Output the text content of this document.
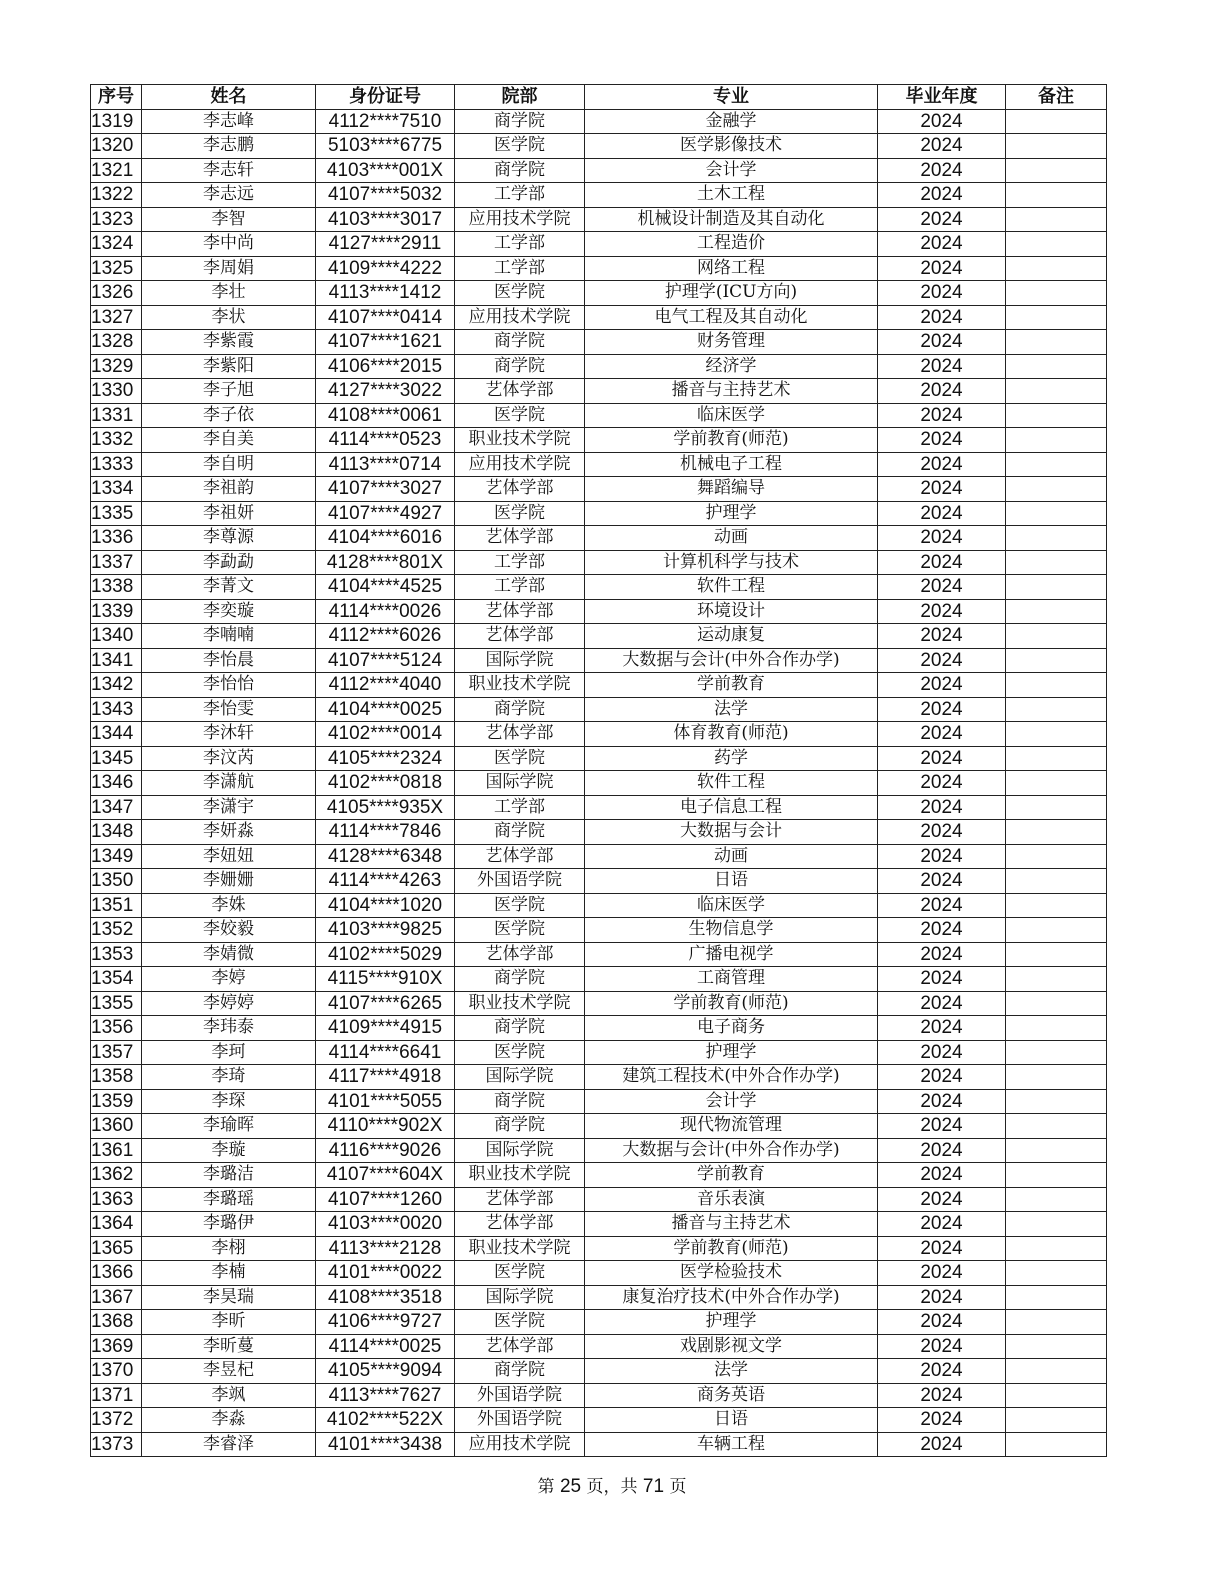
序号	姓名	身份证号	院部	专业	毕业年度	备注
1319	李志峰	4112****7510	商学院	金融学	2024	
1320	李志鹏	5103****6775	医学院	医学影像技术	2024	
1321	李志轩	4103****001X	商学院	会计学	2024	
1322	李志远	4107****5032	工学部	土木工程	2024	
1323	李智	4103****3017	应用技术学院	机械设计制造及其自动化	2024	
1324	李中尚	4127****2911	工学部	工程造价	2024	
1325	李周娟	4109****4222	工学部	网络工程	2024	
1326	李壮	4113****1412	医学院	护理学(ICU方向)	2024	
1327	李状	4107****0414	应用技术学院	电气工程及其自动化	2024	
1328	李紫霞	4107****1621	商学院	财务管理	2024	
1329	李紫阳	4106****2015	商学院	经济学	2024	
1330	李子旭	4127****3022	艺体学部	播音与主持艺术	2024	
1331	李子依	4108****0061	医学院	临床医学	2024	
1332	李自美	4114****0523	职业技术学院	学前教育(师范)	2024	
1333	李自明	4113****0714	应用技术学院	机械电子工程	2024	
1334	李祖韵	4107****3027	艺体学部	舞蹈编导	2024	
1335	李祖妍	4107****4927	医学院	护理学	2024	
1336	李尊源	4104****6016	艺体学部	动画	2024	
1337	李勐勐	4128****801X	工学部	计算机科学与技术	2024	
1338	李菁文	4104****4525	工学部	软件工程	2024	
1339	李奕璇	4114****0026	艺体学部	环境设计	2024	
1340	李喃喃	4112****6026	艺体学部	运动康复	2024	
1341	李怡晨	4107****5124	国际学院	大数据与会计(中外合作办学)	2024	
1342	李怡怡	4112****4040	职业技术学院	学前教育	2024	
1343	李怡雯	4104****0025	商学院	法学	2024	
1344	李沐轩	4102****0014	艺体学部	体育教育(师范)	2024	
1345	李汶芮	4105****2324	医学院	药学	2024	
1346	李潇航	4102****0818	国际学院	软件工程	2024	
1347	李潇宇	4105****935X	工学部	电子信息工程	2024	
1348	李妍淼	4114****7846	商学院	大数据与会计	2024	
1349	李妞妞	4128****6348	艺体学部	动画	2024	
1350	李姗姗	4114****4263	外国语学院	日语	2024	
1351	李姝	4104****1020	医学院	临床医学	2024	
1352	李姣毅	4103****9825	医学院	生物信息学	2024	
1353	李婧微	4102****5029	艺体学部	广播电视学	2024	
1354	李婷	4115****910X	商学院	工商管理	2024	
1355	李婷婷	4107****6265	职业技术学院	学前教育(师范)	2024	
1356	李玮泰	4109****4915	商学院	电子商务	2024	
1357	李珂	4114****6641	医学院	护理学	2024	
1358	李琦	4117****4918	国际学院	建筑工程技术(中外合作办学)	2024	
1359	李琛	4101****5055	商学院	会计学	2024	
1360	李瑜晖	4110****902X	商学院	现代物流管理	2024	
1361	李璇	4116****9026	国际学院	大数据与会计(中外合作办学)	2024	
1362	李璐洁	4107****604X	职业技术学院	学前教育	2024	
1363	李璐瑶	4107****1260	艺体学部	音乐表演	2024	
1364	李璐伊	4103****0020	艺体学部	播音与主持艺术	2024	
1365	李栩	4113****2128	职业技术学院	学前教育(师范)	2024	
1366	李楠	4101****0022	医学院	医学检验技术	2024	
1367	李昊瑞	4108****3518	国际学院	康复治疗技术(中外合作办学)	2024	
1368	李昕	4106****9727	医学院	护理学	2024	
1369	李昕蔓	4114****0025	艺体学部	戏剧影视文学	2024	
1370	李昱杞	4105****9094	商学院	法学	2024	
1371	李飒	4113****7627	外国语学院	商务英语	2024	
1372	李淼	4102****522X	外国语学院	日语	2024	
1373	李睿泽	4101****3438	应用技术学院	车辆工程	2024	
第 25 页，共 71 页
